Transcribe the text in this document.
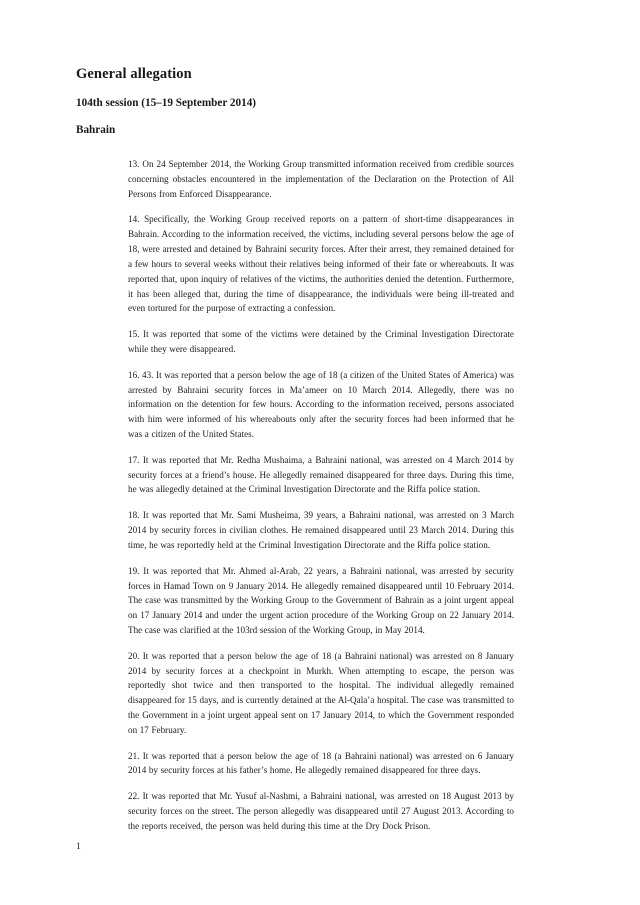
General allegation
104th session (15–19 September 2014)
Bahrain

13. On 24 September 2014, the Working Group transmitted information received from credible sources concerning obstacles encountered in the implementation of the Declaration on the Protection of All Persons from Enforced Disappearance.

14. Specifically, the Working Group received reports on a pattern of short-time disappearances in Bahrain. According to the information received, the victims, including several persons below the age of 18, were arrested and detained by Bahraini security forces. After their arrest, they remained detained for a few hours to several weeks without their relatives being informed of their fate or whereabouts. It was reported that, upon inquiry of relatives of the victims, the authorities denied the detention. Furthermore, it has been alleged that, during the time of disappearance, the individuals were being ill-treated and even tortured for the purpose of extracting a confession.

15. It was reported that some of the victims were detained by the Criminal Investigation Directorate while they were disappeared.

16. 43. It was reported that a person below the age of 18 (a citizen of the United States of America) was arrested by Bahraini security forces in Ma’ameer on 10 March 2014. Allegedly, there was no information on the detention for few hours. According to the information received, persons associated with him were informed of his whereabouts only after the security forces had been informed that he was a citizen of the United States.

17. It was reported that Mr. Redha Mushaima, a Bahraini national, was arrested on 4 March 2014 by security forces at a friend’s house. He allegedly remained disappeared for three days. During this time, he was allegedly detained at the Criminal Investigation Directorate and the Riffa police station.

18. It was reported that Mr. Sami Musheima, 39 years, a Bahraini national, was arrested on 3 March 2014 by security forces in civilian clothes. He remained disappeared until 23 March 2014. During this time, he was reportedly held at the Criminal Investigation Directorate and the Riffa police station.

19. It was reported that Mr. Ahmed al-Arab, 22 years, a Bahraini national, was arrested by security forces in Hamad Town on 9 January 2014. He allegedly remained disappeared until 10 February 2014. The case was transmitted by the Working Group to the Government of Bahrain as a joint urgent appeal on 17 January 2014 and under the urgent action procedure of the Working Group on 22 January 2014. The case was clarified at the 103rd session of the Working Group, in May 2014.

20. It was reported that a person below the age of 18 (a Bahraini national) was arrested on 8 January 2014 by security forces at a checkpoint in Murkh. When attempting to escape, the person was reportedly shot twice and then transported to the hospital. The individual allegedly remained disappeared for 15 days, and is currently detained at the Al-Qala’a hospital. The case was transmitted to the Government in a joint urgent appeal sent on 17 January 2014, to which the Government responded on 17 February.

21. It was reported that a person below the age of 18 (a Bahraini national) was arrested on 6 January 2014 by security forces at his father’s home. He allegedly remained disappeared for three days.

22. It was reported that Mr. Yusuf al-Nashmi, a Bahraini national, was arrested on 18 August 2013 by security forces on the street. The person allegedly was disappeared until 27 August 2013. According to the reports received, the person was held during this time at the Dry Dock Prison.

1
